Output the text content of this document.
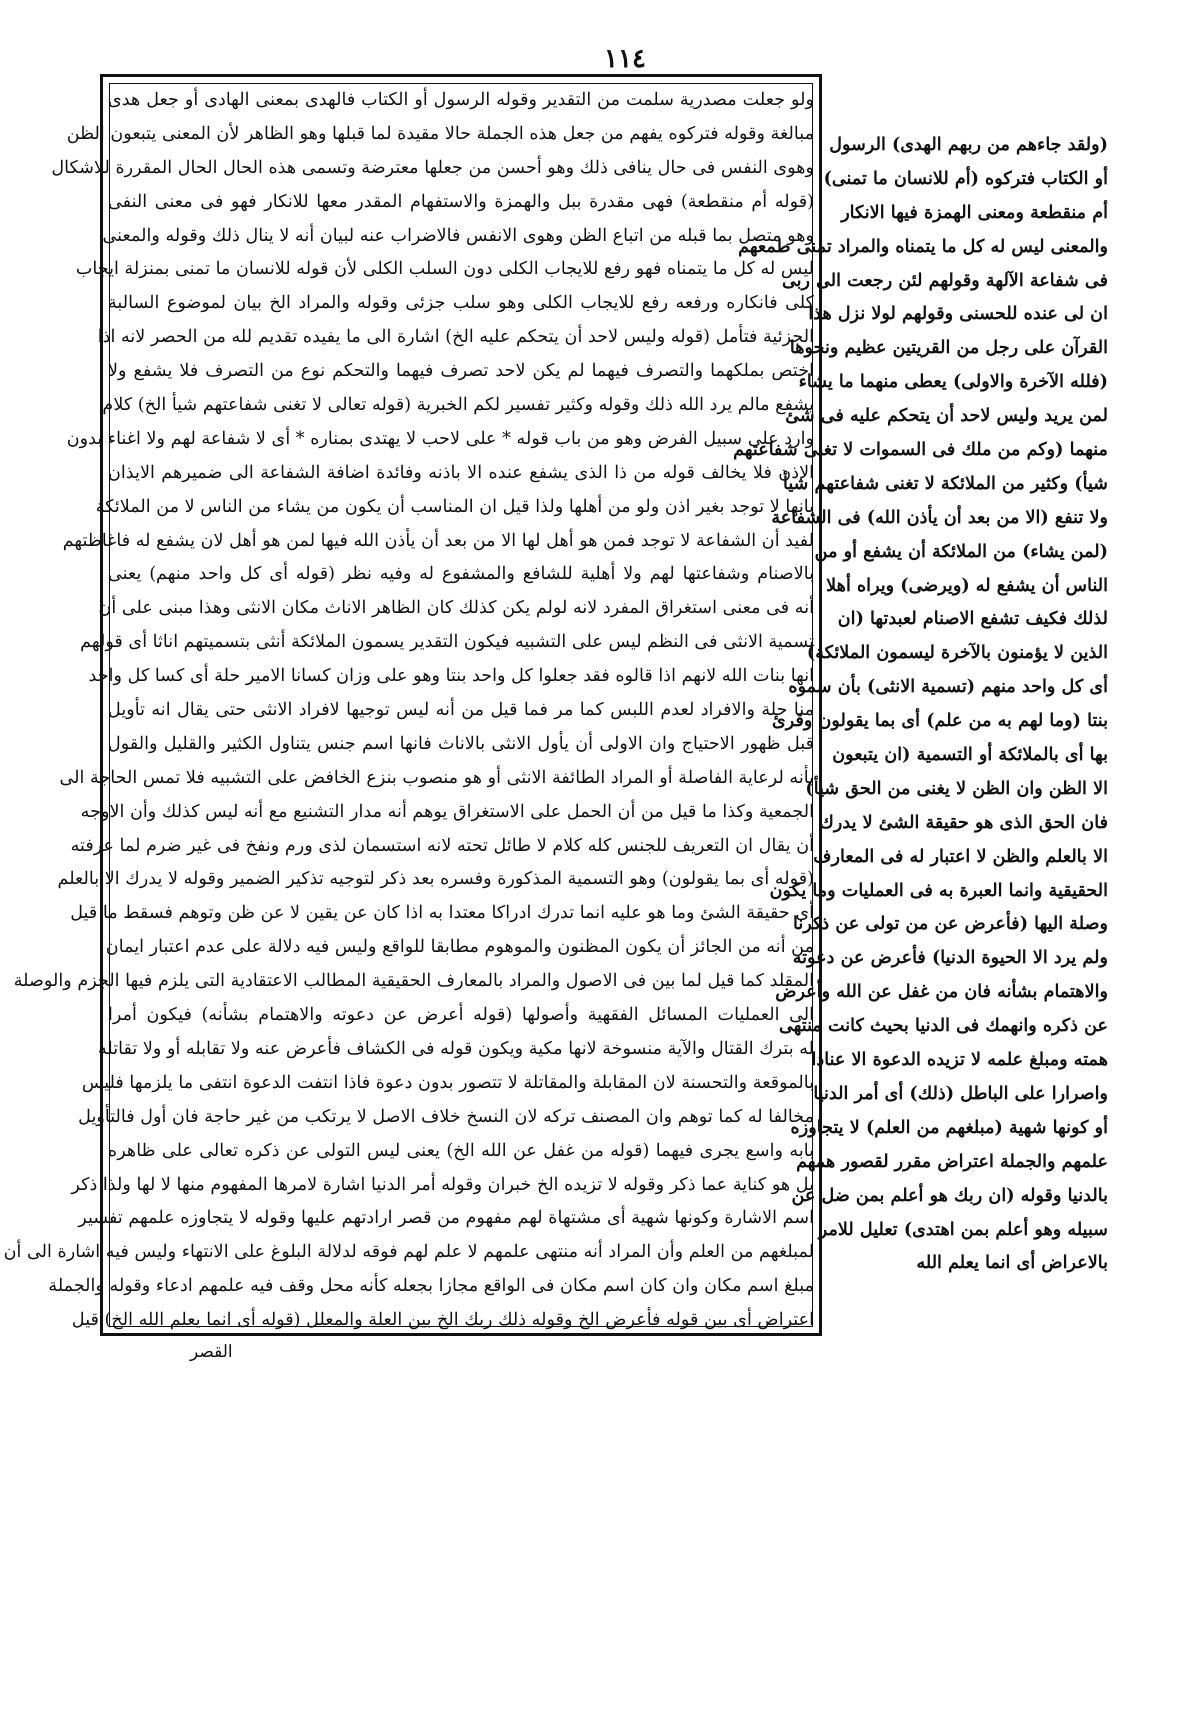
١١٤
ولو جعلت مصدرية سلمت من التقدير وقوله الرسول أو الكتاب فالهدى بمعنى الهادى أو جعل هدى
مبالغة وقوله فتركوه يفهم من جعل هذه الجملة حالا مقيدة لما قبلها وهو الظاهر لأن المعنى يتبعون الظن
وهوى النفس فى حال ينافى ذلك وهو أحسن من جعلها معترضة وتسمى هذه الحال الحال المقررة للاشكال
(قوله أم منقطعة) فهى مقدرة ببل والهمزة والاستفهام المقدر معها للانكار فهو فى معنى النفى
وهو متصل بما قبله من اتباع الظن وهوى الانفس فالاضراب عنه لبيان أنه لا ينال ذلك وقوله والمعنى
ليس له كل ما يتمناه فهو رفع للايجاب الكلى دون السلب الكلى لأن قوله للانسان ما تمنى بمنزلة ايجاب
كلى فانكاره ورفعه رفع للايجاب الكلى وهو سلب جزئى وقوله والمراد الخ بيان لموضوع السالبة
الجزئية فتأمل (قوله وليس لاحد أن يتحكم عليه الخ) اشارة الى ما يفيده تقديم لله من الحصر لانه اذا
اختص بملكهما والتصرف فيهما لم يكن لاحد تصرف فيهما والتحكم نوع من التصرف فلا يشفع ولا
يشفع مالم يرد الله ذلك وقوله وكثير تفسير لكم الخبرية (قوله تعالى لا تغنى شفاعتهم شيأ الخ) كلام
وارد على سبيل الفرض وهو من باب قوله * على لاحب لا يهتدى بمناره * أى لا شفاعة لهم ولا اغناء بدون
الاذن فلا يخالف قوله من ذا الذى يشفع عنده الا باذنه وفائدة اضافة الشفاعة الى ضميرهم الايذان
بانها لا توجد بغير اذن ولو من أهلها ولذا قيل ان المناسب أن يكون من يشاء من الناس لا من الملائكة
لفيد أن الشفاعة لا توجد فمن هو أهل لها الا من بعد أن يأذن الله فيها لمن هو أهل لان يشفع له فاغاظتهم
بالاصنام وشفاعتها لهم ولا أهلية للشافع والمشفوع له وفيه نظر (قوله أى كل واحد منهم) يعنى
أنه فى معنى استغراق المفرد لانه لولم يكن كذلك كان الظاهر الاناث مكان الانثى وهذا مبنى على أن
تسمية الانثى فى النظم ليس على التشبيه فيكون التقدير يسمون الملائكة أنثى بتسميتهم اناثا أى قولهم
انها بنات الله لانهم اذا قالوه فقد جعلوا كل واحد بنتا وهو على وزان كسانا الامير حلة أى كسا كل واحد
منا حلة والافراد لعدم اللبس كما مر فما قيل من أنه ليس توجيها لافراد الانثى حتى يقال انه تأويل
قبل ظهور الاحتياج وان الاولى أن يأول الانثى بالاناث فانها اسم جنس يتناول الكثير والقليل والقول
بأنه لرعاية الفاصلة أو المراد الطائفة الانثى أو هو منصوب بنزع الخافض على التشبيه فلا تمس الحاجة الى
الجمعية وكذا ما قيل من أن الحمل على الاستغراق يوهم أنه مدار التشنيع مع أنه ليس كذلك وأن الاوجه
أن يقال ان التعريف للجنس كله كلام لا طائل تحته لانه استسمان لذى ورم ونفخ فى غير ضرم لما عرفته
(قوله أى بما يقولون) وهو التسمية المذكورة وفسره بعد ذكر لتوجيه تذكير الضمير وقوله لا يدرك الا بالعلم
أى حقيقة الشئ وما هو عليه انما تدرك ادراكا معتدا به اذا كان عن يقين لا عن ظن وتوهم فسقط ما قيل
من أنه من الجائز أن يكون المظنون والموهوم مطابقا للواقع وليس فيه دلالة على عدم اعتبار ايمان
المقلد كما قيل لما بين فى الاصول والمراد بالمعارف الحقيقية المطالب الاعتقادية التى يلزم فيها الجزم والوصلة
الى العمليات المسائل الفقهية وأصولها (قوله أعرض عن دعوته والاهتمام بشأنه) فيكون أمرا
له بترك القتال والآية منسوخة لانها مكية ويكون قوله فى الكشاف فأعرض عنه ولا تقابله أو ولا تقاتله
بالموقعة والتحسنة لان المقابلة والمقاتلة لا تتصور بدون دعوة فاذا انتفت الدعوة انتفى ما يلزمها فليس
مخالفا له كما توهم وان المصنف تركه لان النسخ خلاف الاصل لا يرتكب من غير حاجة فان أول فالتأويل
بابه واسع يجرى فيهما (قوله من غفل عن الله الخ) يعنى ليس التولى عن ذكره تعالى على ظاهره
بل هو كناية عما ذكر وقوله لا تزيده الخ خبران وقوله أمر الدنيا اشارة لامرها المفهوم منها لا لها ولذا ذكر
اسم الاشارة وكونها شهية أى مشتهاة لهم مفهوم من قصر ارادتهم عليها وقوله لا يتجاوزه علمهم تفسير
لمبلغهم من العلم وأن المراد أنه منتهى علمهم لا علم لهم فوقه لدلالة البلوغ على الانتهاء وليس فيه اشارة الى أن
مبلغ اسم مكان وان كان اسم مكان فى الواقع مجازا بجعله كأنه محل وقف فيه علمهم ادعاء وقوله والجملة
اعتراض أى بين قوله فأعرض الخ وقوله ذلك ربك الخ بين العلة والمعلل (قوله أى انما يعلم الله الخ) قيل
(ولقد جاءهم من ربهم الهدى) الرسول
أو الكتاب فتركوه (أم للانسان ما تمنى)
أم منقطعة ومعنى الهمزة فيها الانكار
والمعنى ليس له كل ما يتمناه والمراد تمنى طمعهم
فى شفاعة الآلهة وقولهم لئن رجعت الى ربى
ان لى عنده للحسنى وقولهم لولا نزل هذا
القرآن على رجل من القريتين عظيم ونحوها
(فلله الآخرة والاولى) يعطى منهما ما يشاء
لمن يريد وليس لاحد أن يتحكم عليه فى شئ
منهما (وكم من ملك فى السموات لا تغنى شفاعتهم
شيأ) وكثير من الملائكة لا تغنى شفاعتهم شيأ
ولا تنفع (الا من بعد أن يأذن الله) فى الشفاعة
(لمن يشاء) من الملائكة أن يشفع أو من
الناس أن يشفع له (ويرضى) ويراه أهلا
لذلك فكيف تشفع الاصنام لعبدتها (ان
الذين لا يؤمنون بالآخرة ليسمون الملائكة)
أى كل واحد منهم (تسمية الانثى) بأن سموه
بنتا (وما لهم به من علم) أى بما يقولون وقرئ
بها أى بالملائكة أو التسمية (ان يتبعون
الا الظن وان الظن لا يغنى من الحق شيأ)
فان الحق الذى هو حقيقة الشئ لا يدرك
الا بالعلم والظن لا اعتبار له فى المعارف
الحقيقية وانما العبرة به فى العمليات وما يكون
وصلة اليها (فأعرض عن من تولى عن ذكرنا
ولم يرد الا الحيوة الدنيا) فأعرض عن دعوته
والاهتمام بشأنه فان من غفل عن الله وأعرض
عن ذكره وانهمك فى الدنيا بحيث كانت منتهى
همته ومبلغ علمه لا تزيده الدعوة الا عنادا
واصرارا على الباطل (ذلك) أى أمر الدنيا
أو كونها شهية (مبلغهم من العلم) لا يتجاوزه
علمهم والجملة اعتراض مقرر لقصور همهم
بالدنيا وقوله (ان ربك هو أعلم بمن ضل عن
سبيله وهو أعلم بمن اهتدى) تعليل للامر
بالاعراض أى انما يعلم الله
القصر
